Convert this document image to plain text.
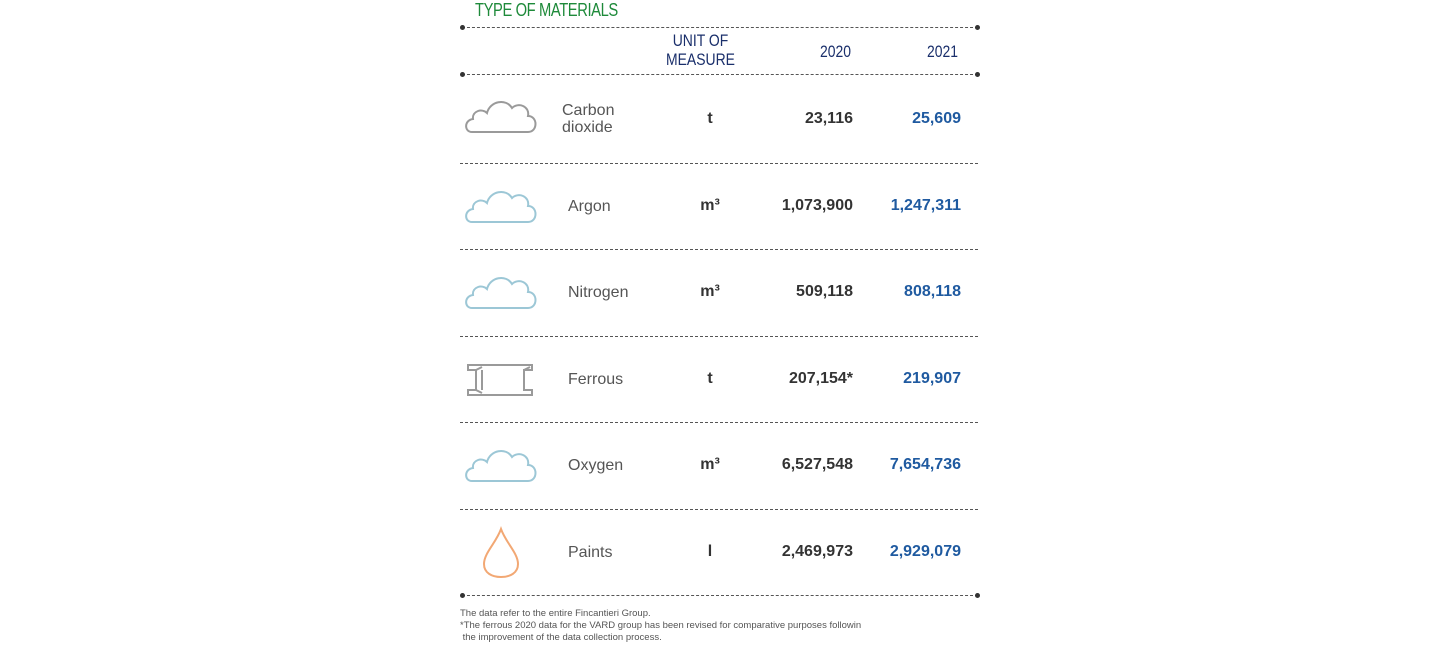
TYPE OF MATERIALS
UNIT OF
MEASURE	2020	2021
Carbon
dioxide
t	23,116	25,609
Argon	m³	1,073,900 1,247,311
Nitrogen	m³	509,118	808,118
Ferrous	t	207,154*	219,907
Oxygen	m³	6,527,548 7,654,736
Paints	l	2,469,973 2,929,079
The data refer to the entire Fincantieri Group.
*The ferrous 2020 data for the VARD group has been revised for comparative purposes followin
the improvement of the data collection process.
